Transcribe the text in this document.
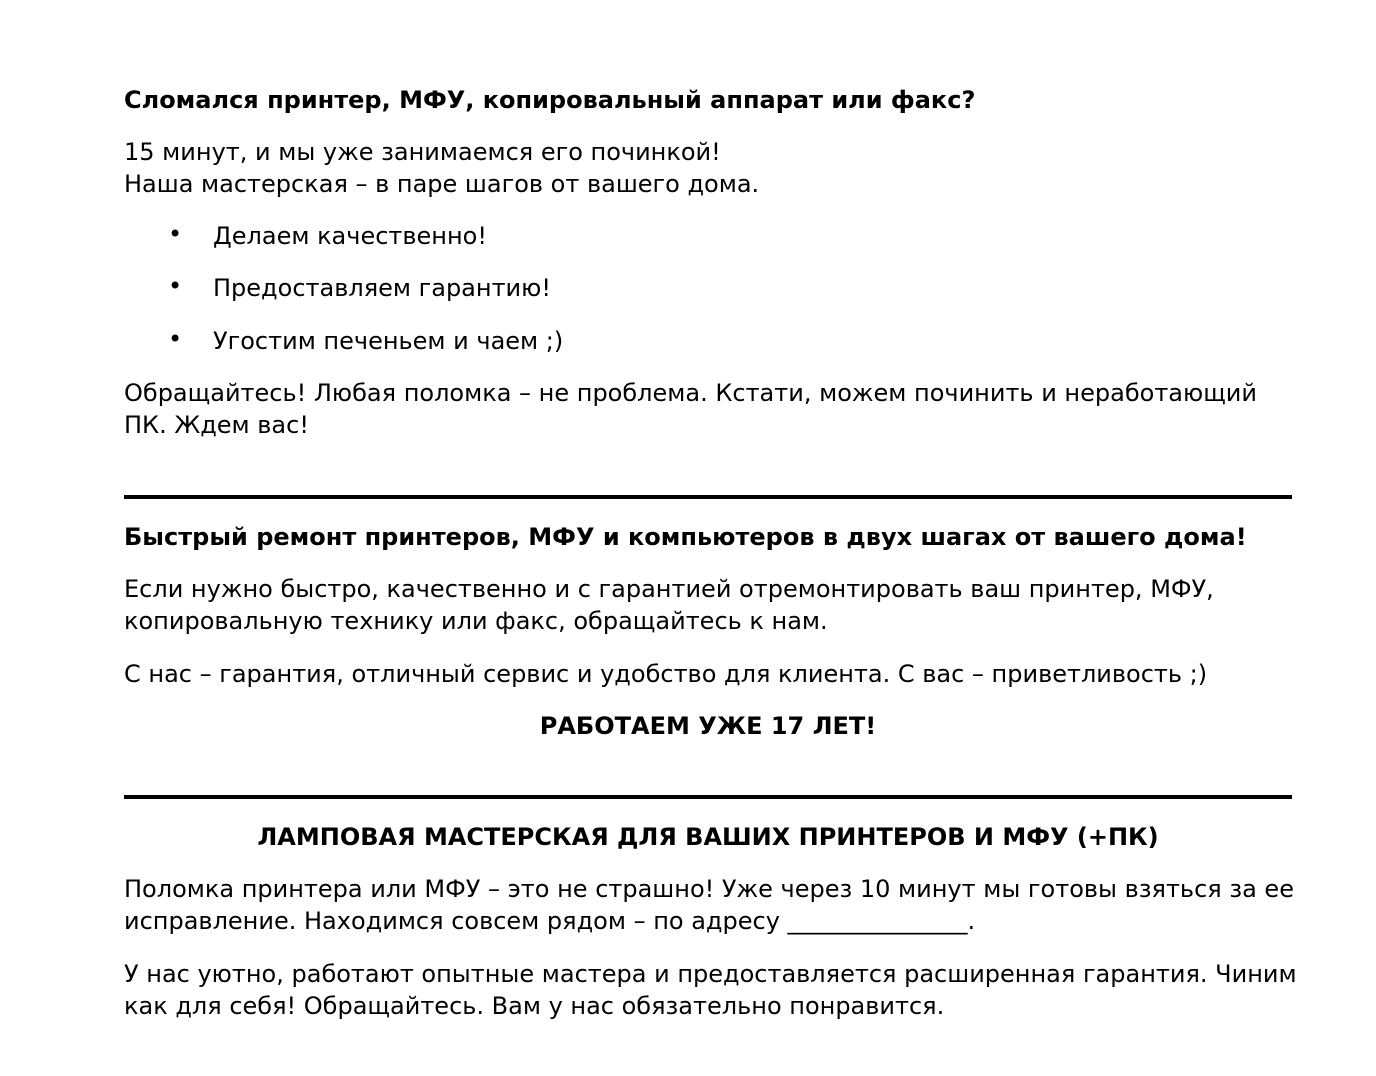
Сломался принтер, МФУ, копировальный аппарат или факс?
15 минут, и мы уже занимаемся его починкой!
Наша мастерская – в паре шагов от вашего дома.
• Делаем качественно!
• Предоставляем гарантию!
• Угостим печеньем и чаем ;)
Обращайтесь! Любая поломка – не проблема. Кстати, можем починить и неработающий
ПК. Ждем вас!
Быстрый ремонт принтеров, МФУ и компьютеров в двух шагах от вашего дома!
Если нужно быстро, качественно и с гарантией отремонтировать ваш принтер, МФУ,
копировальную технику или факс, обращайтесь к нам.
С нас – гарантия, отличный сервис и удобство для клиента. С вас – приветливость ;)
РАБОТАЕМ УЖЕ 17 ЛЕТ!
ЛАМПОВАЯ МАСТЕРСКАЯ ДЛЯ ВАШИХ ПРИНТЕРОВ И МФУ (+ПК)
Поломка принтера или МФУ – это не страшно! Уже через 10 минут мы готовы взяться за ее
исправление. Находимся совсем рядом – по адресу _______________.
У нас уютно, работают опытные мастера и предоставляется расширенная гарантия. Чиним
как для себя! Обращайтесь. Вам у нас обязательно понравится.
